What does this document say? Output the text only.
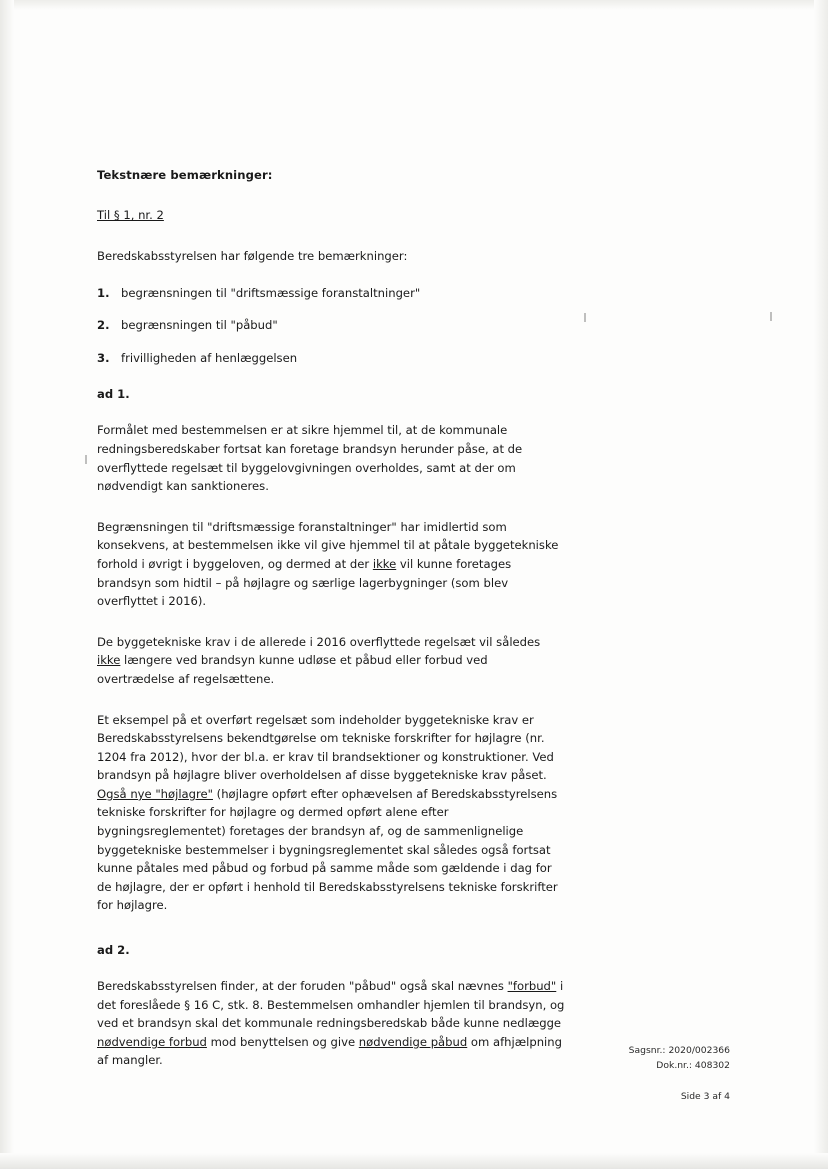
Tekstnære bemærkninger:
Til § 1, nr. 2

Beredskabsstyrelsen har følgende tre bemærkninger:

1. begrænsningen til "driftsmæssige foranstaltninger"
2. begrænsningen til "påbud"
3. frivilligheden af henlæggelsen
ad 1.

Formålet med bestemmelsen er at sikre hjemmel til, at de kommunale redningsberedskaber fortsat kan foretage brandsyn herunder påse, at de overflyttede regelsæt til byggelovgivningen overholdes, samt at der om nødvendigt kan sanktioneres.

Begrænsningen til "driftsmæssige foranstaltninger" har imidlertid som konsekvens, at bestemmelsen ikke vil give hjemmel til at påtale byggetekniske forhold i øvrigt i byggeloven, og dermed at der ikke vil kunne foretages brandsyn som hidtil – på højlagre og særlige lagerbygninger (som blev overflyttet i 2016).

De byggetekniske krav i de allerede i 2016 overflyttede regelsæt vil således ikke længere ved brandsyn kunne udløse et påbud eller forbud ved overtrædelse af regelsættene.

Et eksempel på et overført regelsæt som indeholder byggetekniske krav er Beredskabsstyrelsens bekendtgørelse om tekniske forskrifter for højlagre (nr. 1204 fra 2012), hvor der bl.a. er krav til brandsektioner og konstruktioner. Ved brandsyn på højlagre bliver overholdelsen af disse byggetekniske krav påset. Også nye "højlagre" (højlagre opført efter ophævelsen af Beredskabsstyrelsens tekniske forskrifter for højlagre og dermed opført alene efter bygningsreglementet) foretages der brandsyn af, og de sammenlignelige byggetekniske bestemmelser i bygningsreglementet skal således også fortsat kunne påtales med påbud og forbud på samme måde som gældende i dag for de højlagre, der er opført i henhold til Beredskabsstyrelsens tekniske forskrifter for højlagre.

ad 2.

Beredskabsstyrelsen finder, at der foruden "påbud" også skal nævnes "forbud" i det foreslåede § 16 C, stk. 8. Bestemmelsen omhandler hjemlen til brandsyn, og ved et brandsyn skal det kommunale redningsberedskab både kunne nedlægge nødvendige forbud mod benyttelsen og give nødvendige påbud om afhjælpning af mangler.

Sagsnr.: 2020/002366
Dok.nr.: 408302
Side 3 af 4
